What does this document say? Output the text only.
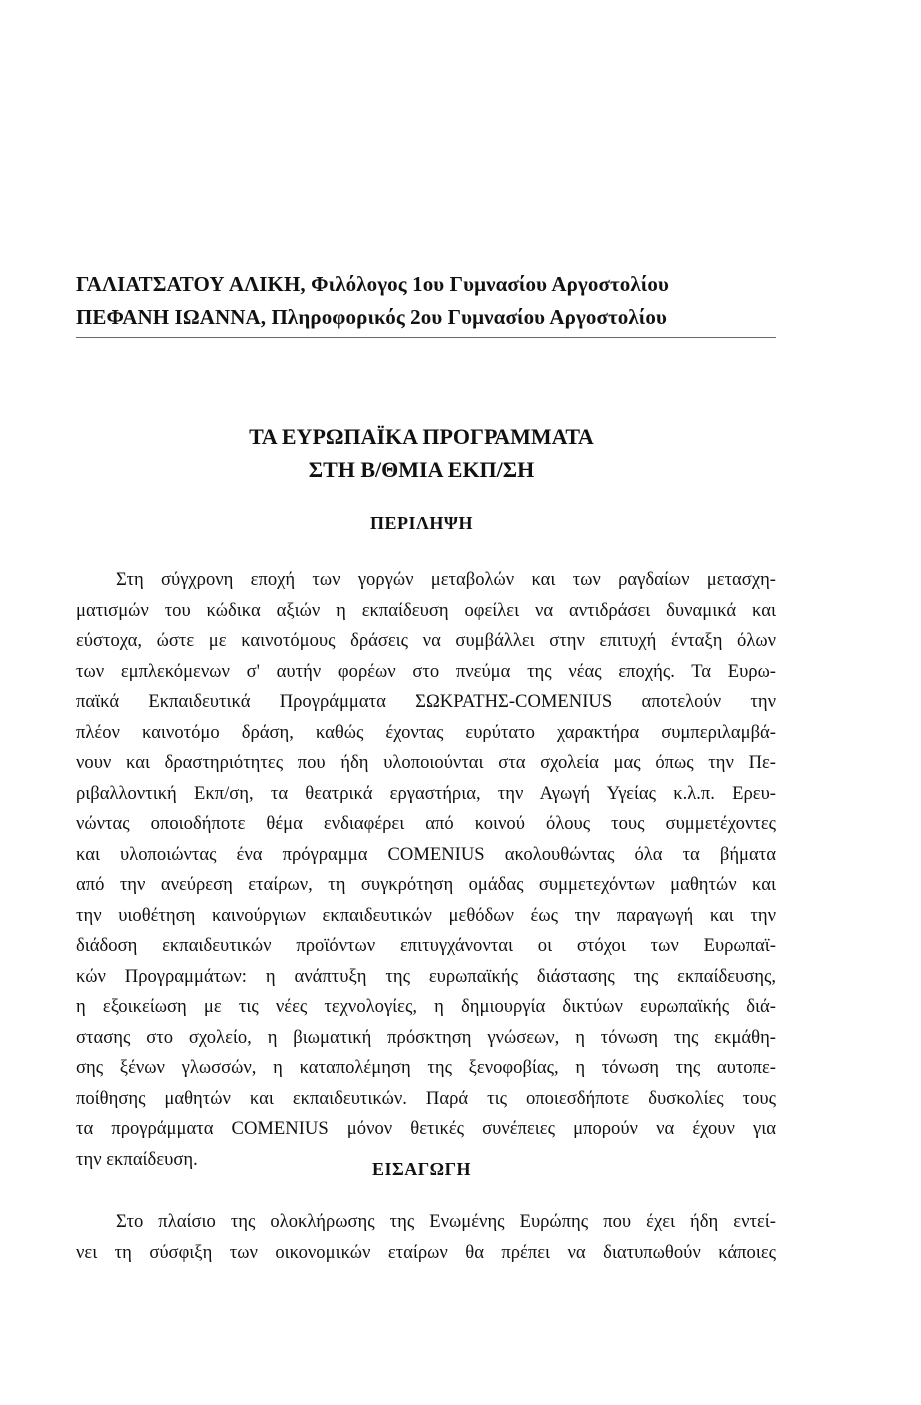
ΓΑΛΙΑΤΣΑΤΟΥ ΑΛΙΚΗ, Φιλόλογος 1ου Γυμνασίου Αργοστολίου
ΠΕΦΑΝΗ ΙΩΑΝΝΑ, Πληροφορικός 2ου Γυμνασίου Αργοστολίου
ΤΑ ΕΥΡΩΠΑΪΚΑ ΠΡΟΓΡΑΜΜΑΤΑ
ΣΤΗ Β/ΘΜΙΑ ΕΚΠ/ΣΗ
ΠΕΡΙΛΗΨΗ
Στη σύγχρονη εποχή των γοργών μεταβολών και των ραγδαίων μετασχη-
ματισμών του κώδικα αξιών η εκπαίδευση οφείλει να αντιδράσει δυναμικά και
εύστοχα, ώστε με καινοτόμους δράσεις να συμβάλλει στην επιτυχή ένταξη όλων
των εμπλεκόμενων σ' αυτήν φορέων στο πνεύμα της νέας εποχής. Τα Ευρω-
παϊκά Εκπαιδευτικά Προγράμματα ΣΩΚΡΑΤΗΣ-COMENIUS αποτελούν την
πλέον καινοτόμο δράση, καθώς έχοντας ευρύτατο χαρακτήρα συμπεριλαμβά-
νουν και δραστηριότητες που ήδη υλοποιούνται στα σχολεία μας όπως την Πε-
ριβαλλοντική Εκπ/ση, τα θεατρικά εργαστήρια, την Αγωγή Υγείας κ.λ.π. Ερευ-
νώντας οποιοδήποτε θέμα ενδιαφέρει από κοινού όλους τους συμμετέχοντες
και υλοποιώντας ένα πρόγραμμα COMENIUS ακολουθώντας όλα τα βήματα
από την ανεύρεση εταίρων, τη συγκρότηση ομάδας συμμετεχόντων μαθητών και
την υιοθέτηση καινούργιων εκπαιδευτικών μεθόδων έως την παραγωγή και την
διάδοση εκπαιδευτικών προϊόντων επιτυγχάνονται οι στόχοι των Ευρωπαϊ-
κών Προγραμμάτων: η ανάπτυξη της ευρωπαϊκής διάστασης της εκπαίδευσης,
η εξοικείωση με τις νέες τεχνολογίες, η δημιουργία δικτύων ευρωπαϊκής διά-
στασης στο σχολείο, η βιωματική πρόσκτηση γνώσεων, η τόνωση της εκμάθη-
σης ξένων γλωσσών, η καταπολέμηση της ξενοφοβίας, η τόνωση της αυτοπε-
ποίθησης μαθητών και εκπαιδευτικών. Παρά τις οποιεσδήποτε δυσκολίες τους
τα προγράμματα COMENIUS μόνον θετικές συνέπειες μπορούν να έχουν για
την εκπαίδευση.	ΕΙΣΑΓΩΓΗ
Στο πλαίσιο της ολοκλήρωσης της Ενωμένης Ευρώπης που έχει ήδη εντεί-
νει τη σύσφιξη των οικονομικών εταίρων θα πρέπει να διατυπωθούν κάποιες
